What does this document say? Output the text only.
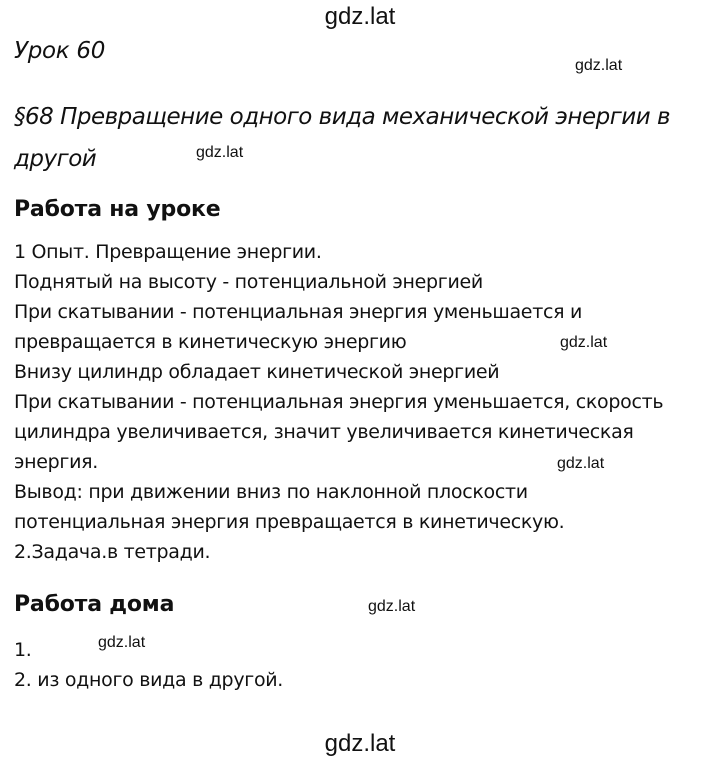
gdz.lat
gdz.lat
gdz.lat
gdz.lat
gdz.lat
gdz.lat
gdz.lat
gdz.lat
Урок 60
§68 Превращение одного вида механической энергии в
другой
Работа на уроке
1 Опыт. Превращение энергии.
Поднятый на высоту - потенциальной энергией
При скатывании - потенциальная энергия уменьшается и
превращается в кинетическую энергию
Внизу цилиндр обладает кинетической энергией
При скатывании - потенциальная энергия уменьшается, скорость
цилиндра увеличивается, значит увеличивается кинетическая
энергия.
Вывод: при движении вниз по наклонной плоскости
потенциальная энергия превращается в кинетическую.
2.Задача.в тетради.
Работа дома
1.
2. из одного вида в другой.
